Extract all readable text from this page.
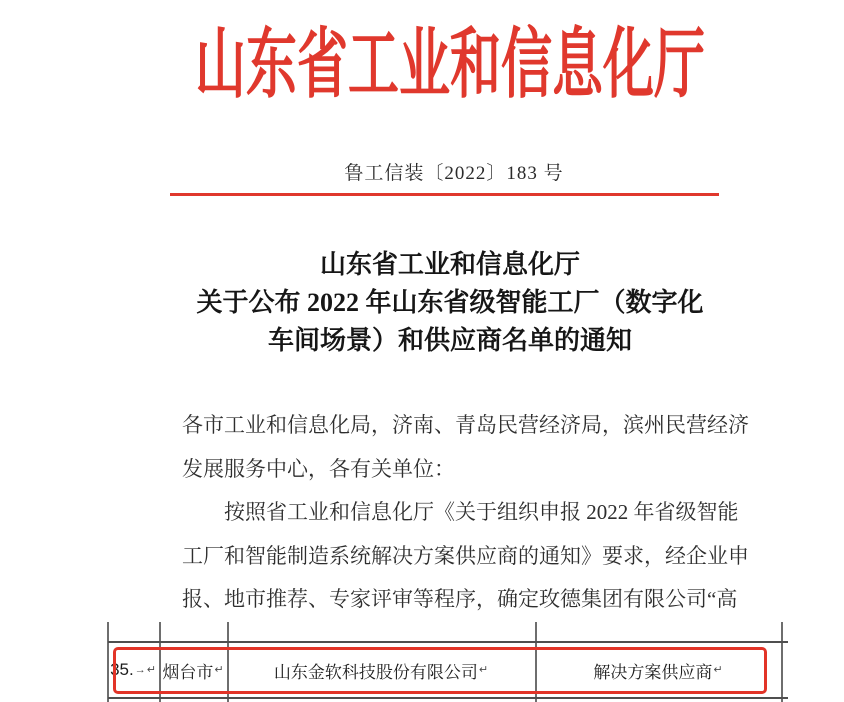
山东省工业和信息化厅
鲁工信装〔2022〕183 号
山东省工业和信息化厅
关于公布 2022 年山东省级智能工厂（数字化
车间场景）和供应商名单的通知
各市工业和信息化局，济南、青岛民营经济局，滨州民营经济
发展服务中心，各有关单位：
按照省工业和信息化厅《关于组织申报 2022 年省级智能
工厂和智能制造系统解决方案供应商的通知》要求，经企业申
报、地市推荐、专家评审等程序，确定玫德集团有限公司“高
35. → ↵ 烟台市 ↵	山东金软科技股份有限公司 ↵	解决方案供应商 ↵
